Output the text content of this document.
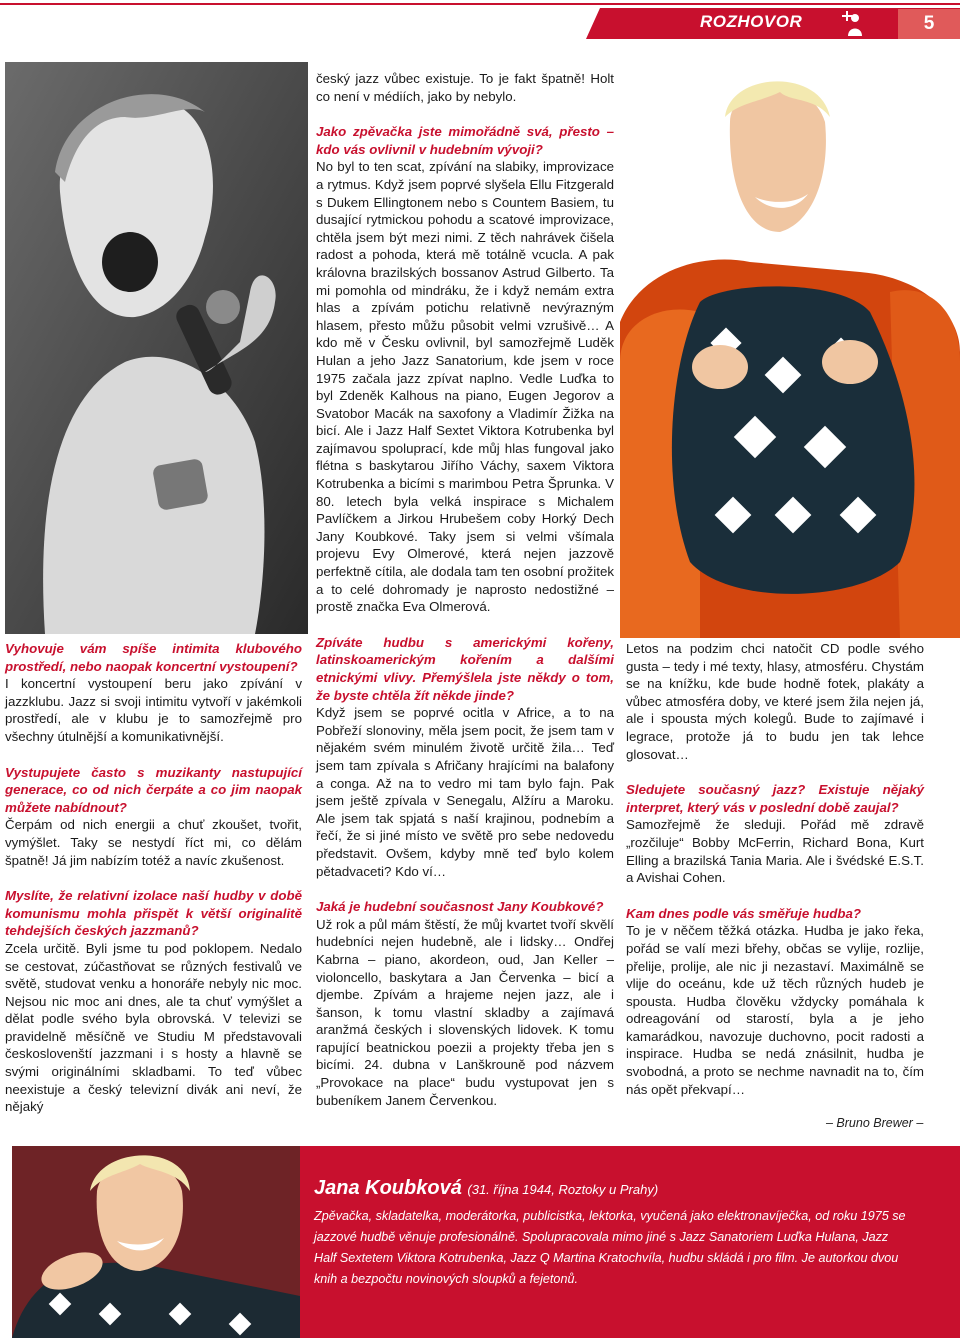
ROZHOVOR	5

Vyhovuje vám spíše intimita klubového prostředí, nebo naopak koncertní vystoupení?
I koncertní vystoupení beru jako zpívání v jazzklubu. Jazz si svoji intimitu vytvoří v jakémkoli prostředí, ale v klubu je to samozřejmě pro všechny útulnější a komunikativnější.

Vystupujete často s muzikanty nastupující generace, co od nich čerpáte a co jim naopak můžete nabídnout?
Čerpám od nich energii a chuť zkoušet, tvořit, vymýšlet. Taky se nestydí říct mi, co dělám špatně! Já jim nabízím totéž a navíc zkušenost.

Myslíte, že relativní izolace naší hudby v době komunismu mohla přispět k větší originalitě tehdejších českých jazzmanů?
Zcela určitě. Byli jsme tu pod poklopem. Nedalo se cestovat, zúčastňovat se různých festivalů ve světě, studovat venku a honoráře nebyly nic moc. Nejsou nic moc ani dnes, ale ta chuť vymýšlet a dělat podle svého byla obrovská. V televizi se pravidelně měsíčně ve Studiu M představovali českoslovenští jazzmani i s hosty a hlavně se svými originálními skladbami. To teď vůbec neexistuje a český televizní divák ani neví, že nějaký

český jazz vůbec existuje. To je fakt špatně! Holt co není v médiích, jako by nebylo.

Jako zpěvačka jste mimořádně svá, přesto – kdo vás ovlivnil v hudebním vývoji?
No byl to ten scat, zpívání na slabiky, improvizace a rytmus. Když jsem poprvé slyšela Ellu Fitzgerald s Dukem Ellingtonem nebo s Countem Basiem, tu dusající rytmickou pohodu a scatové improvizace, chtěla jsem být mezi nimi. Z těch nahrávek čišela radost a pohoda, která mě totálně vcucla. A pak královna brazilských bossanov Astrud Gilberto. Ta mi pomohla od mindráku, že i když nemám extra hlas a zpívám potichu relativně nevýrazným hlasem, přesto můžu působit velmi vzrušivě… A kdo mě v Česku ovlivnil, byl samozřejmě Luděk Hulan a jeho Jazz Sanatorium, kde jsem v roce 1975 začala jazz zpívat naplno. Vedle Luďka to byl Zdeněk Kalhous na piano, Eugen Jegorov a Svatobor Macák na saxofony a Vladimír Žižka na bicí. Ale i Jazz Half Sextet Viktora Kotrubenka byl zajímavou spoluprací, kde můj hlas fungoval jako flétna s baskytarou Jiřího Váchy, saxem Viktora Kotrubenka a bicími s marimbou Petra Šprunka. V 80. letech byla velká inspirace s Michalem Pavlíčkem a Jirkou Hrubešem coby Horký Dech Jany Koubkové. Taky jsem si velmi všímala projevu Evy Olmerové, která nejen jazzově perfektně cítila, ale dodala tam ten osobní prožitek a to celé dohromady je naprosto nedostižné – prostě značka Eva Olmerová.

Zpíváte hudbu s americkými kořeny, latinskoamerickým kořením a dalšími etnickými vlivy. Přemýšlela jste někdy o tom, že byste chtěla žít někde jinde?
Když jsem se poprvé ocitla v Africe, a to na Pobřeží slonoviny, měla jsem pocit, že jsem tam v nějakém svém minulém životě určitě žila… Teď jsem tam zpívala s Afričany hrajícími na balafony a conga. Až na to vedro mi tam bylo fajn. Pak jsem ještě zpívala v Senegalu, Alžíru a Maroku. Ale jsem tak spjatá s naší krajinou, podnebím a řečí, že si jiné místo ve světě pro sebe nedovedu představit. Ovšem, kdyby mně teď bylo kolem pětadvaceti? Kdo ví…

Jaká je hudební současnost Jany Koubkové?
Už rok a půl mám štěstí, že můj kvartet tvoří skvělí hudebníci nejen hudebně, ale i lidsky… Ondřej Kabrna – piano, akordeon, oud, Jan Keller – violoncello, baskytara a Jan Červenka – bicí a djembe. Zpívám a hrajeme nejen jazz, ale i šanson, k tomu vlastní skladby a zajímavá aranžmá českých i slovenských lidovek. K tomu rapující beatnickou poezii a projekty třeba jen s bicími. 24. dubna v Lanškrouně pod názvem „Provokace na place“ budu vystupovat jen s bubeníkem Janem Červenkou.

Letos na podzim chci natočit CD podle svého gusta – tedy i mé texty, hlasy, atmosféru. Chystám se na knížku, kde bude hodně fotek, plakáty a vůbec atmosféra doby, ve které jsem žila nejen já, ale i spousta mých kolegů. Bude to zajímavé i legrace, protože já to budu jen tak lehce glosovat…

Sledujete současný jazz? Existuje nějaký interpret, který vás v poslední době zaujal?
Samozřejmě že sleduji. Pořád mě zdravě „rozčiluje“ Bobby McFerrin, Richard Bona, Kurt Elling a brazilská Tania Maria. Ale i švédské E.S.T. a Avishai Cohen.

Kam dnes podle vás směřuje hudba?
To je v něčem těžká otázka. Hudba je jako řeka, pořád se valí mezi břehy, občas se vylije, rozlije, přelije, prolije, ale nic ji nezastaví. Maximálně se vlije do oceánu, kde už těch různých hudeb je spousta. Hudba člověku vždycky pomáhala k odreagování od starostí, byla a je jeho kamarádkou, navozuje duchovno, pocit radosti a inspirace. Hudba se nedá znásilnit, hudba je svobodná, a proto se nechme navnadit na to, čím nás opět překvapí…

– Bruno Brewer –
Jana Koubková (31. října 1944, Roztoky u Prahy)
Zpěvačka, skladatelka, moderátorka, publicistka, lektorka, vyučená jako elektronavíječka, od roku 1975 se jazzové hudbě věnuje profesionálně. Spolupracovala mimo jiné s Jazz Sanatoriem Luďka Hulana, Jazz Half Sextetem Viktora Kotrubenka, Jazz Q Martina Kratochvíla, hudbu skládá i pro film. Je autorkou dvou knih a bezpočtu novinových sloupků a fejetonů.
